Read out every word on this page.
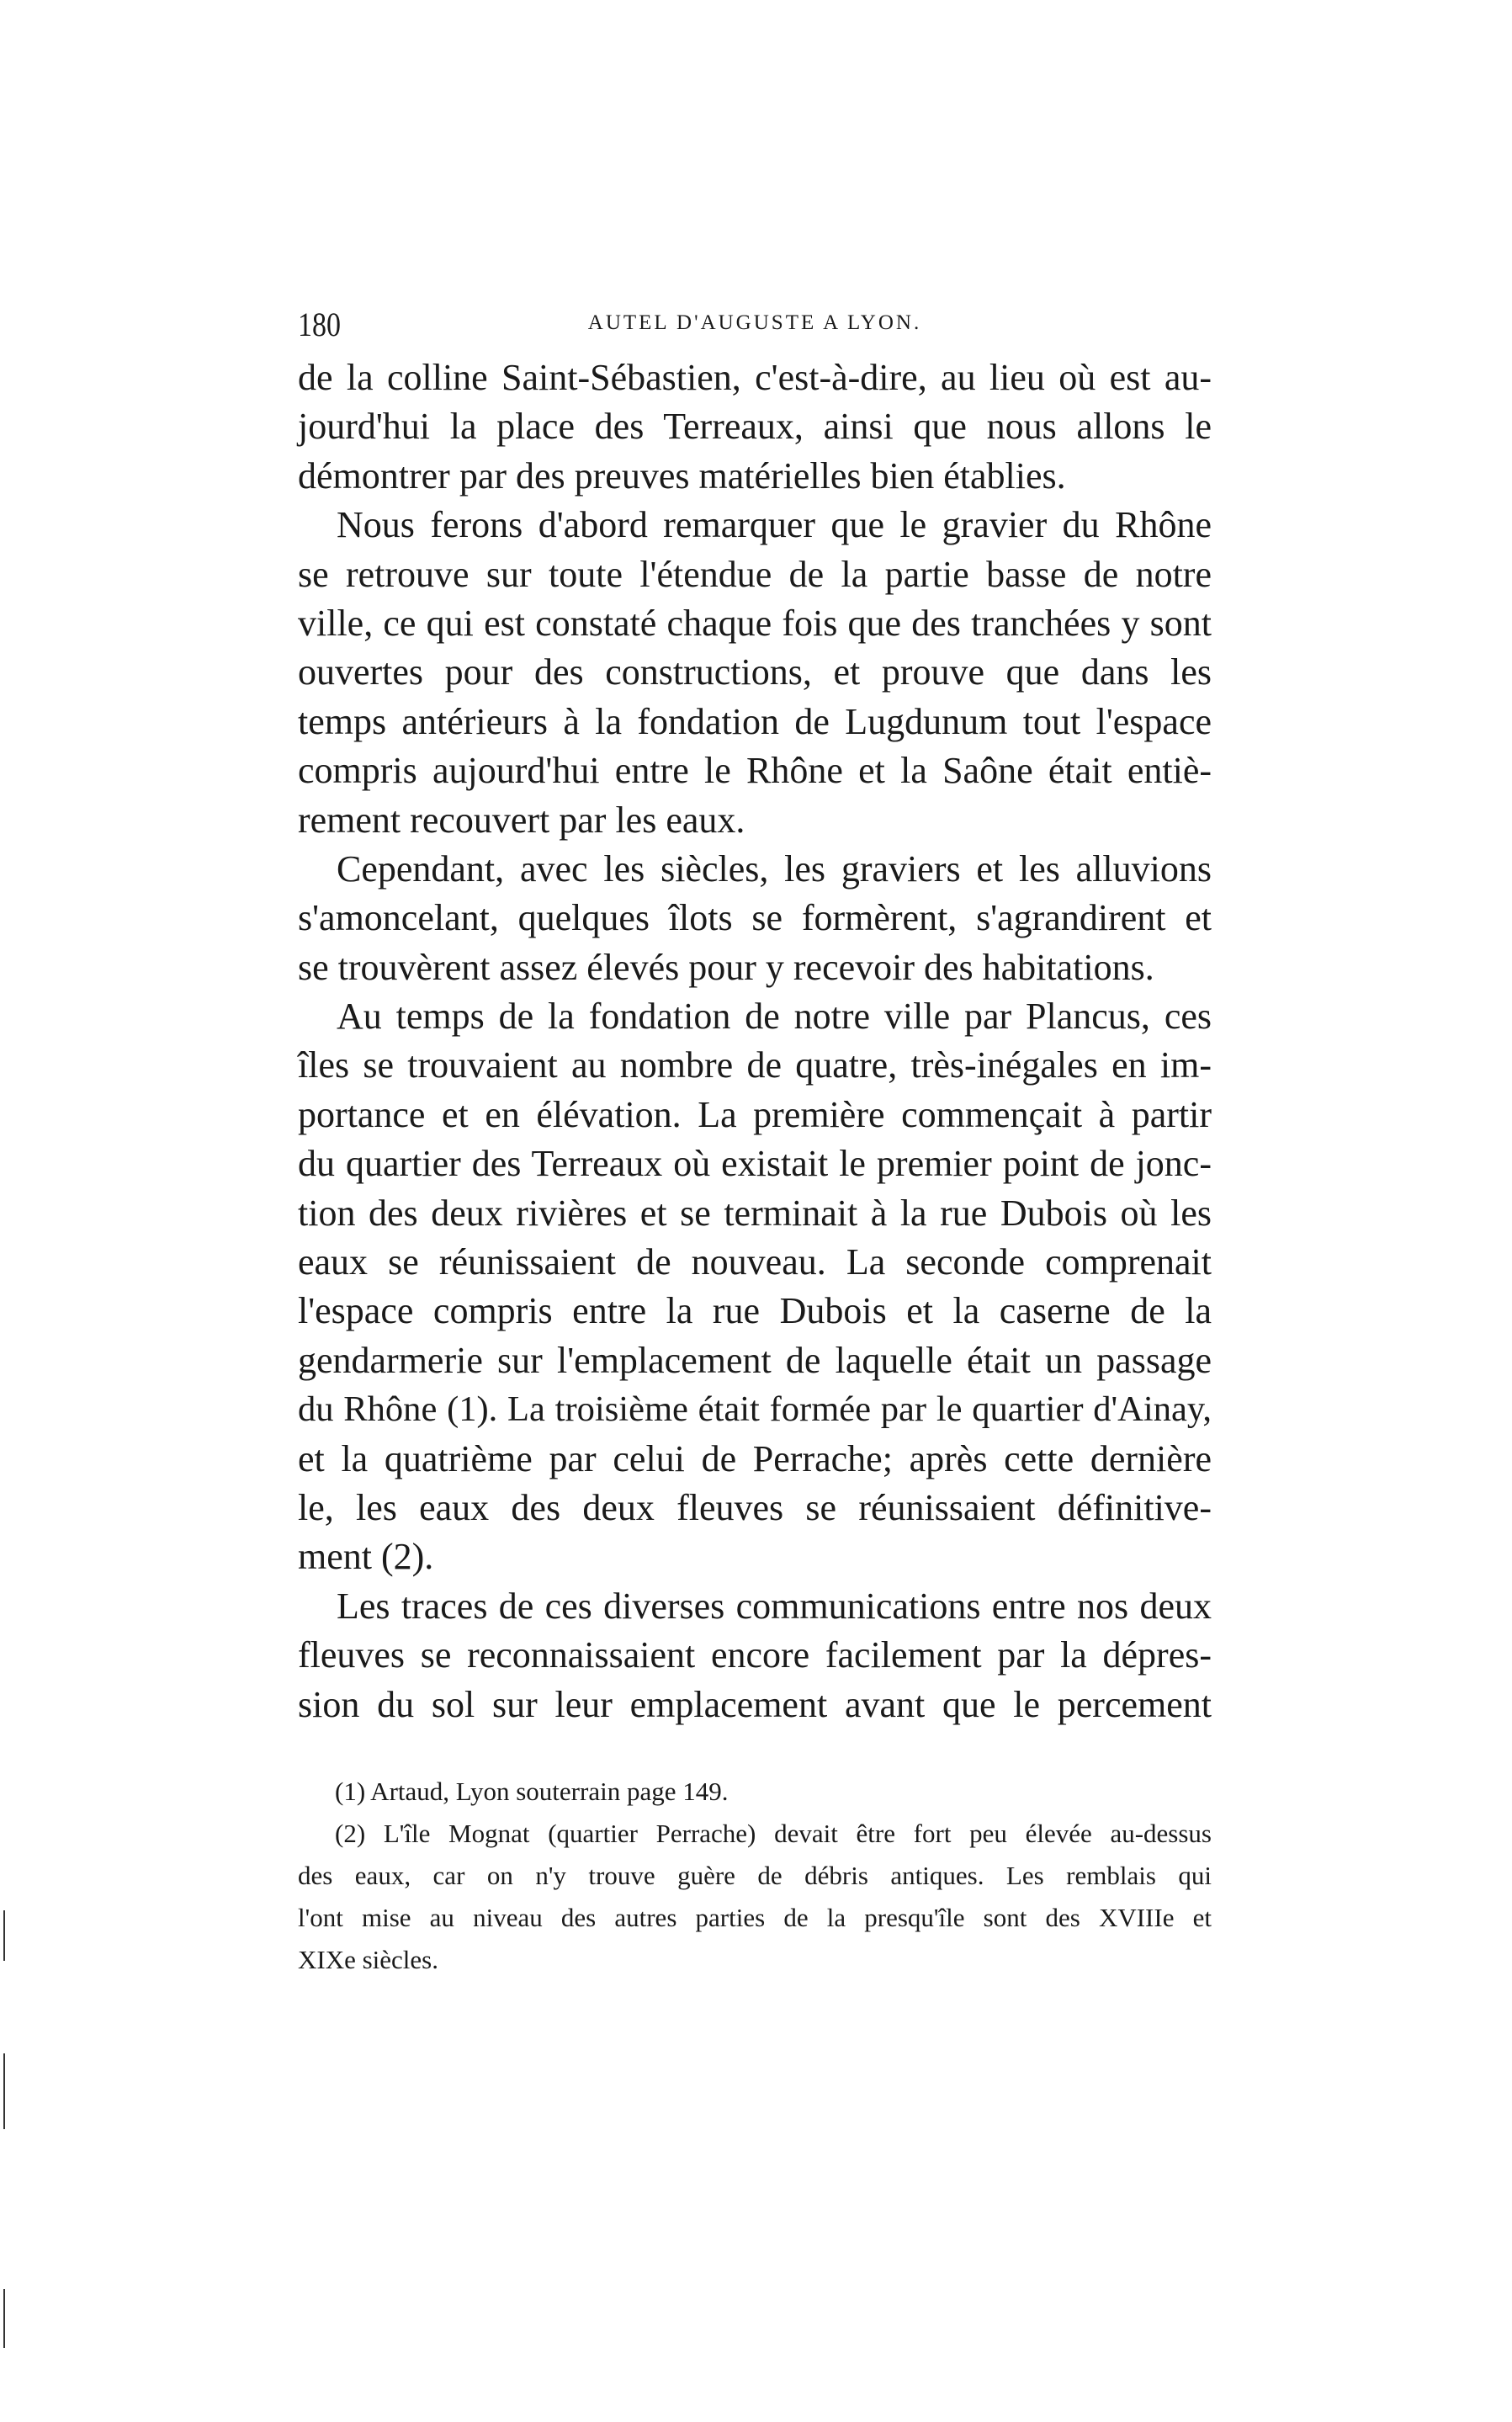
180	AUTEL D'AUGUSTE A LYON.
de la colline Saint-Sébastien, c'est-à-dire, au lieu où est au-
jourd'hui la place des Terreaux, ainsi que nous allons le
démontrer par des preuves matérielles bien établies.
Nous ferons d'abord remarquer que le gravier du Rhône
se retrouve sur toute l'étendue de la partie basse de notre
ville, ce qui est constaté chaque fois que des tranchées y sont
ouvertes pour des constructions, et prouve que dans les
temps antérieurs à la fondation de Lugdunum tout l'espace
compris aujourd'hui entre le Rhône et la Saône était entiè-
rement recouvert par les eaux.
Cependant, avec les siècles, les graviers et les alluvions
s'amoncelant, quelques îlots se formèrent, s'agrandirent et
se trouvèrent assez élevés pour y recevoir des habitations.
Au temps de la fondation de notre ville par Plancus, ces
îles se trouvaient au nombre de quatre, très-inégales en im-
portance et en élévation. La première commençait à partir
du quartier des Terreaux où existait le premier point de jonc-
tion des deux rivières et se terminait à la rue Dubois où les
eaux se réunissaient de nouveau. La seconde comprenait
l'espace compris entre la rue Dubois et la caserne de la
gendarmerie sur l'emplacement de laquelle était un passage
du Rhône (1). La troisième était formée par le quartier d'Ainay,
et la quatrième par celui de Perrache; après cette dernière
le, les eaux des deux fleuves se réunissaient définitive-
ment (2).
Les traces de ces diverses communications entre nos deux
fleuves se reconnaissaient encore facilement par la dépres-
sion du sol sur leur emplacement avant que le percement
(1) Artaud, Lyon souterrain page 149.
(2) L'île Mognat (quartier Perrache) devait être fort peu élevée au-dessus
des eaux, car on n'y trouve guère de débris antiques. Les remblais qui
l'ont mise au niveau des autres parties de la presqu'île sont des XVIIIe et
XIXe siècles.
